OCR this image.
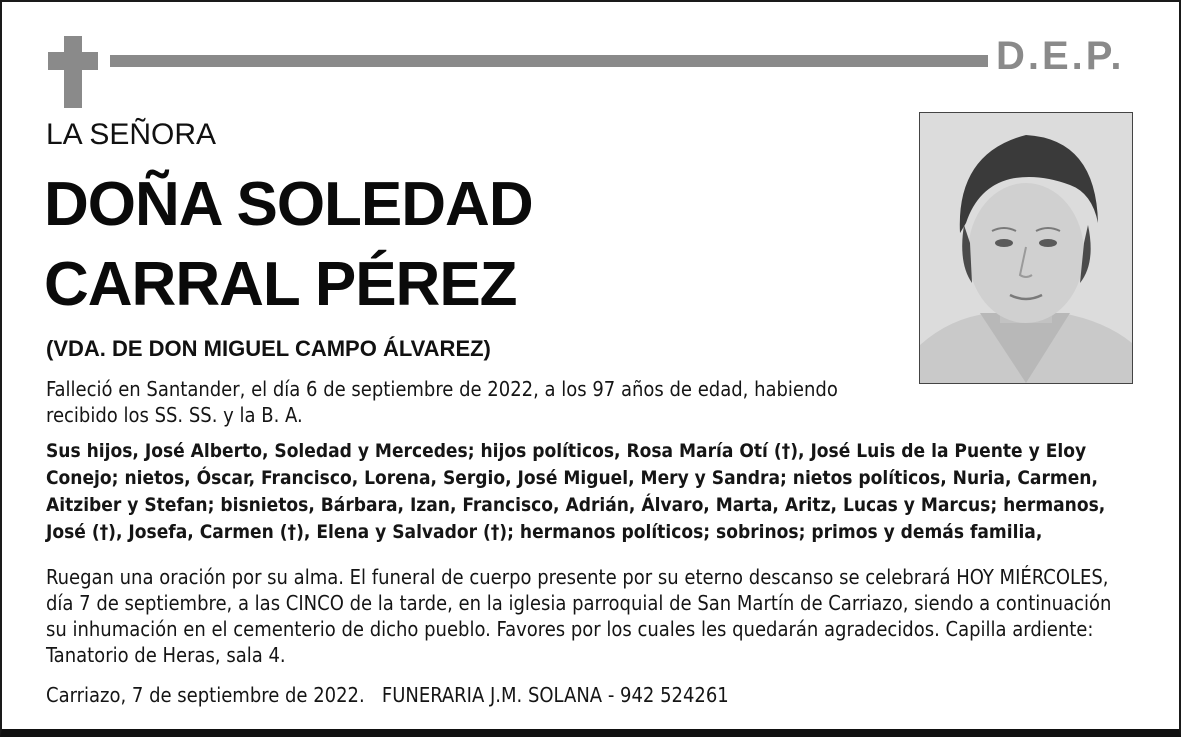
D.E.P.
LA SEÑORA
DOÑA SOLEDAD
CARRAL PÉREZ
(VDA. DE DON MIGUEL CAMPO ÁLVAREZ)

Falleció en Santander, el día 6 de septiembre de 2022, a los 97 años de edad, habiendo recibido los SS. SS. y la B. A.

Sus hijos, José Alberto, Soledad y Mercedes; hijos políticos, Rosa María Otí (†), José Luis de la Puente y Eloy Conejo; nietos, Óscar, Francisco, Lorena, Sergio, José Miguel, Mery y Sandra; nietos políticos, Nuria, Carmen, Aitziber y Stefan; bisnietos, Bárbara, Izan, Francisco, Adrián, Álvaro, Marta, Aritz, Lucas y Marcus; hermanos, José (†), Josefa, Carmen (†), Elena y Salvador (†); hermanos políticos; sobrinos; primos y demás familia,

Ruegan una oración por su alma. El funeral de cuerpo presente por su eterno descanso se celebrará HOY MIÉRCOLES, día 7 de septiembre, a las CINCO de la tarde, en la iglesia parroquial de San Martín de Carriazo, siendo a continuación su inhumación en el cementerio de dicho pueblo. Favores por los cuales les quedarán agradecidos. Capilla ardiente: Tanatorio de Heras, sala 4.

Carriazo, 7 de septiembre de 2022.   FUNERARIA J.M. SOLANA - 942 524261
